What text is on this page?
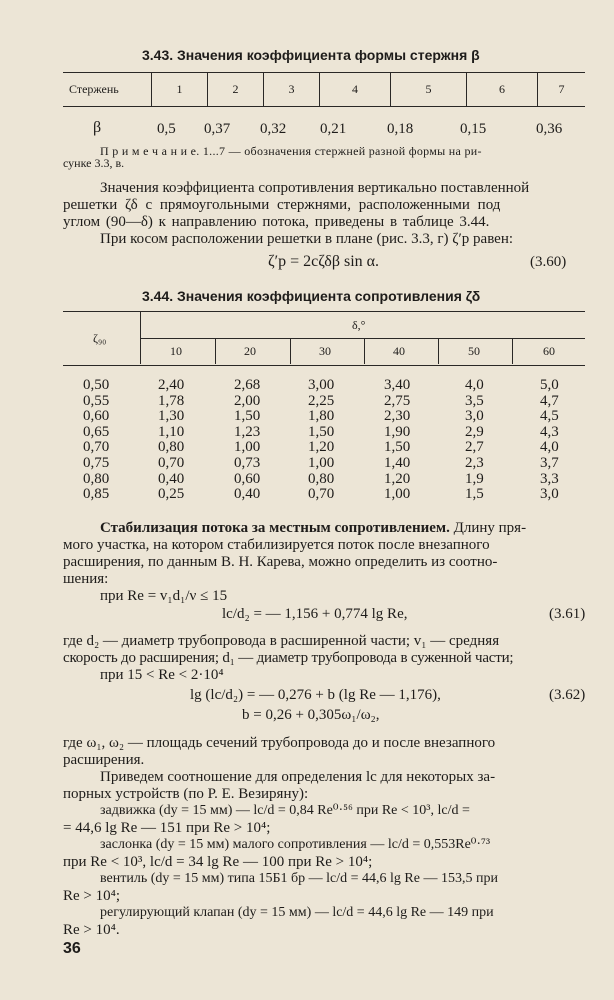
3.43. Значения коэффициента формы стержня β
Стержень	1	2	3	4	5	6	7
β	0,5 0,37 0,32 0,21	0,18	0,15	0,36
П р и м е ч а н и е. 1...7 — обозначения стержней разной формы на ри-
сунке 3.3, в.
Значения коэффициента сопротивления вертикально поставленной
решетки ζδ с прямоугольными стержнями, расположенными под
углом (90—δ) к направлению потока, приведены в таблице 3.44.
При косом расположении решетки в плане (рис. 3.3, г) ζ′р равен:
ζ′р = 2cζδβ sin α.	(3.60)
3.44. Значения коэффициента сопротивления ζδ
ζ₉₀
δ,°
10	20	30	40	50	60
0,50	2,40	2,68	3,00	3,40	4,0	5,0
0,55	1,78	2,00	2,25	2,75	3,5	4,7
0,60	1,30	1,50	1,80	2,30	3,0	4,5
0,65	1,10	1,23	1,50	1,90	2,9	4,3
0,70	0,80	1,00	1,20	1,50	2,7	4,0
0,75	0,70	0,73	1,00	1,40	2,3	3,7
0,80	0,40	0,60	0,80	1,20	1,9	3,3
0,85	0,25	0,40	0,70	1,00	1,5	3,0
Стабилизация потока за местным сопротивлением. Длину пря-
мого участка, на котором стабилизируется поток после внезапного
расширения, по данным В. Н. Карева, можно определить из соотно-
шения:
при Re = v₁d₁/ν ≤ 15
lc/d₂ = — 1,156 + 0,774 lg Re,	(3.61)
где d₂ — диаметр трубопровода в расширенной части; v₁ — средняя
скорость до расширения; d₁ — диаметр трубопровода в суженной части;
при 15 < Re < 2·10⁴
lg (lc/d₂) = — 0,276 + b (lg Re — 1,176),	(3.62)
b = 0,26 + 0,305ω₁/ω₂,
где ω₁, ω₂ — площадь сечений трубопровода до и после внезапного
расширения.
Приведем соотношение для определения lc для некоторых за-
порных устройств (по Р. Е. Везиряну):
задвижка (dу = 15 мм) — lc/d = 0,84 Re⁰·⁵⁶ при Re < 10³, lc/d =
= 44,6 lg Re — 151 при Re > 10⁴;
заслонка (dу = 15 мм) малого сопротивления — lc/d = 0,553Re⁰·⁷³
при Re < 10³, lc/d = 34 lg Re — 100 при Re > 10⁴;
вентиль (dу = 15 мм) типа 15Б1 бр — lc/d = 44,6 lg Re — 153,5 при
Re > 10⁴;
регулирующий клапан (dу = 15 мм) — lc/d = 44,6 lg Re — 149 при
Re > 10⁴.
36
